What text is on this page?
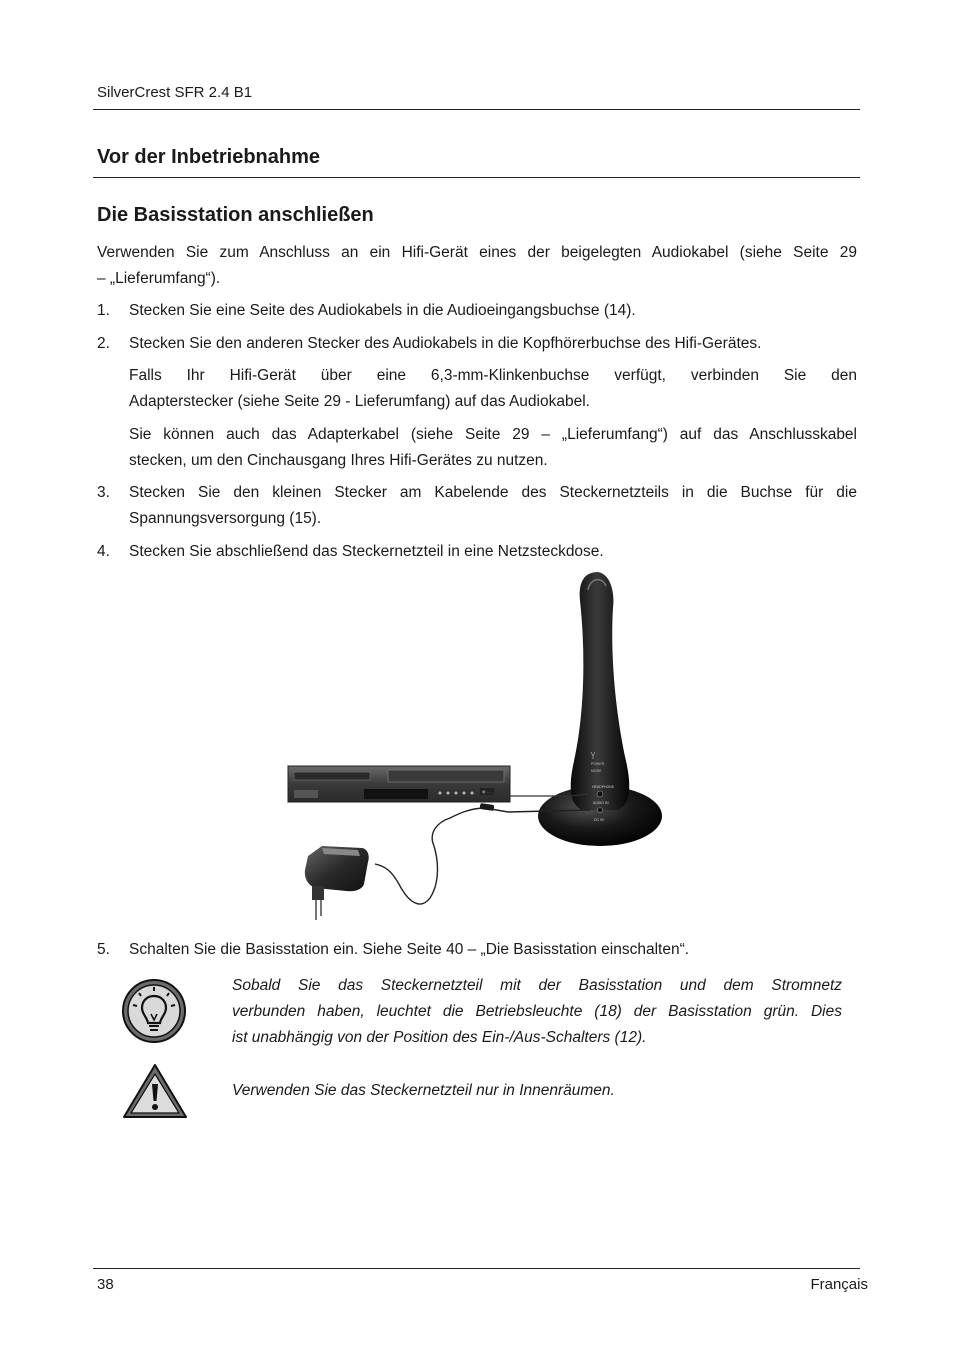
SilverCrest SFR 2.4 B1
Vor der Inbetriebnahme
Die Basisstation anschließen
Verwenden Sie zum Anschluss an ein Hifi-Gerät eines der beigelegten Audiokabel (siehe Seite 29
– „Lieferumfang“).
1. Stecken Sie eine Seite des Audiokabels in die Audioeingangsbuchse (14).
2. Stecken Sie den anderen Stecker des Audiokabels in die Kopfhörerbuchse des Hifi-Gerätes.
Falls Ihr Hifi-Gerät über eine 6,3-mm-Klinkenbuchse verfügt, verbinden Sie den
Adapterstecker (siehe Seite 29 - Lieferumfang) auf das Audiokabel.
Sie können auch das Adapterkabel (siehe Seite 29 – „Lieferumfang“) auf das Anschlusskabel
stecken, um den Cinchausgang Ihres Hifi-Gerätes zu nutzen.
3. Stecken Sie den kleinen Stecker am Kabelende des Steckernetzteils in die Buchse für die
Spannungsversorgung (15).
4. Stecken Sie abschließend das Steckernetzteil in eine Netzsteckdose.
POWER
MODE
HEADPHONE
AUDIO IN
DC 9V
5. Schalten Sie die Basisstation ein. Siehe Seite 40 – „Die Basisstation einschalten“.
Sobald Sie das Steckernetzteil mit der Basisstation und dem Stromnetz
verbunden haben, leuchtet die Betriebsleuchte (18) der Basisstation grün. Dies
ist unabhängig von der Position des Ein-/Aus-Schalters (12).
Verwenden Sie das Steckernetzteil nur in Innenräumen.
38	Français
